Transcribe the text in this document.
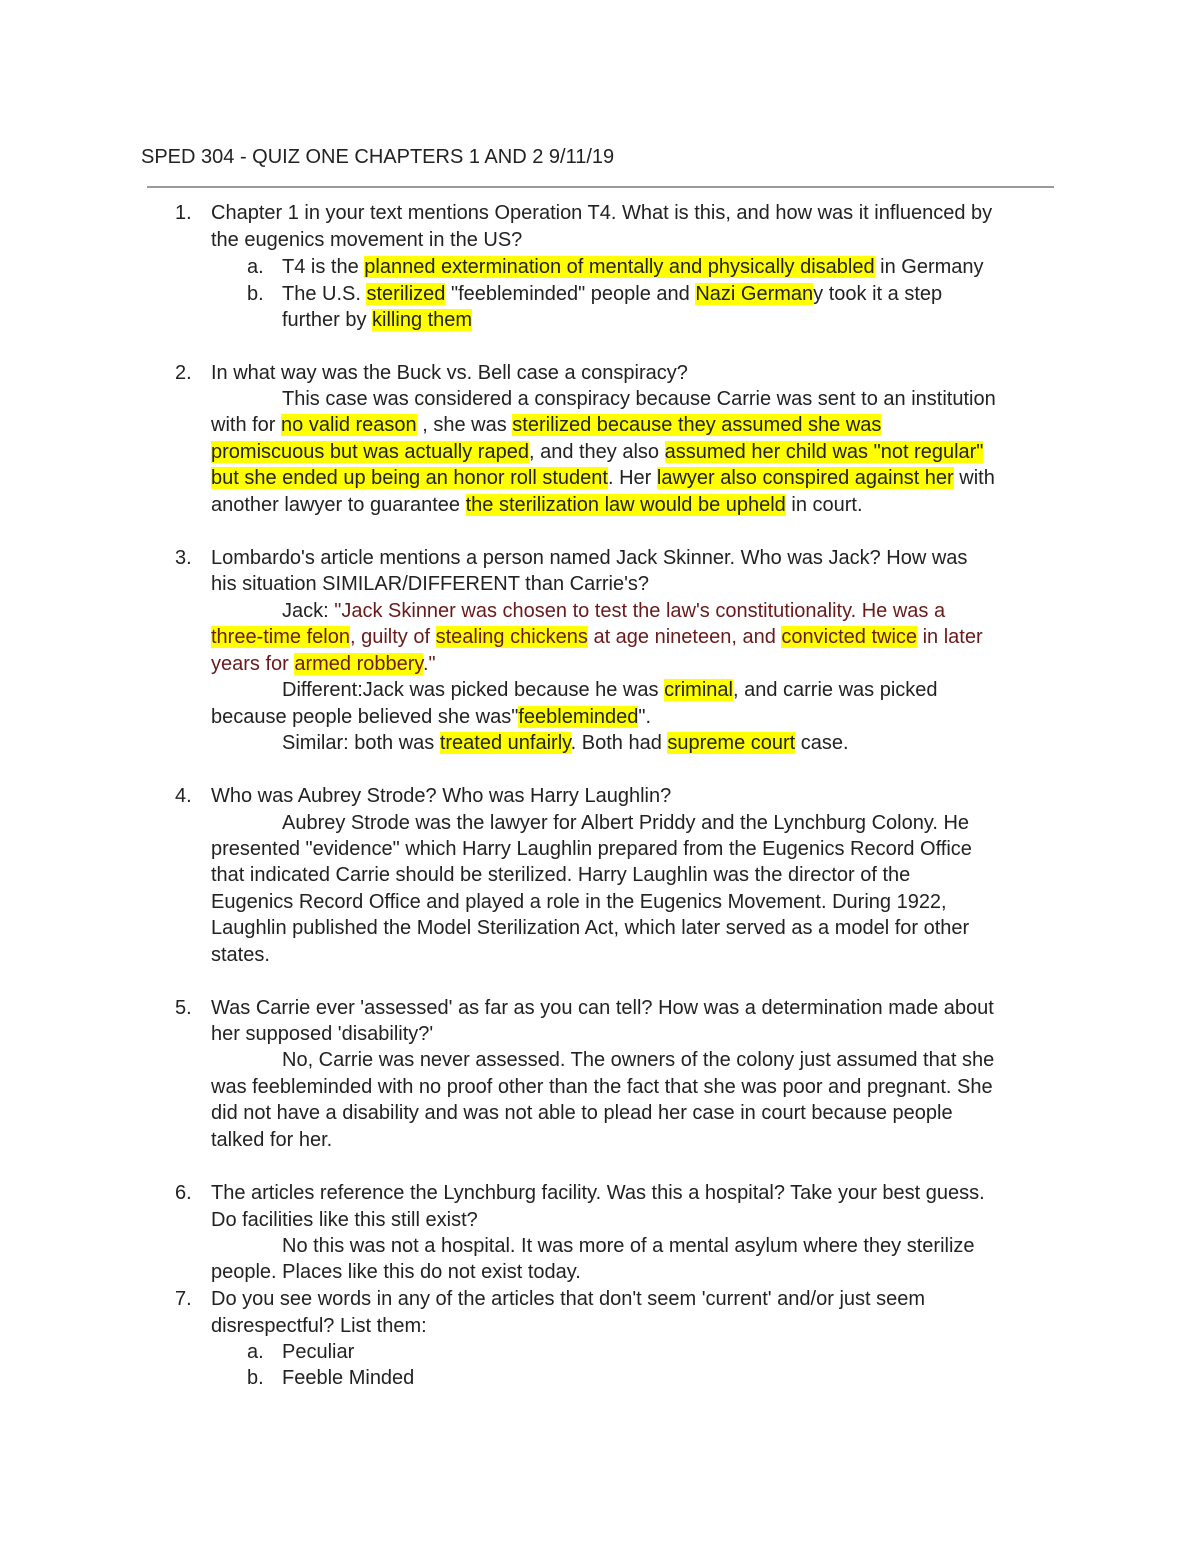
SPED 304 - QUIZ ONE CHAPTERS 1 AND 2 9/11/19
1. Chapter 1 in your text mentions Operation T4. What is this, and how was it influenced by
the eugenics movement in the US?
a. T4 is the planned extermination of mentally and physically disabled in Germany
b. The U.S. sterilized "feebleminded" people and Nazi Germany took it a step
further by killing them
2. In what way was the Buck vs. Bell case a conspiracy?
This case was considered a conspiracy because Carrie was sent to an institution
with for no valid reason , she was sterilized because they assumed she was
promiscuous but was actually raped, and they also assumed her child was "not regular"
but she ended up being an honor roll student. Her lawyer also conspired against her with
another lawyer to guarantee the sterilization law would be upheld in court.
3. Lombardo's article mentions a person named Jack Skinner. Who was Jack? How was
his situation SIMILAR/DIFFERENT than Carrie's?
Jack: "Jack Skinner was chosen to test the law's constitutionality. He was a
three-time felon, guilty of stealing chickens at age nineteen, and convicted twice in later
years for armed robbery."
Different:Jack was picked because he was criminal, and carrie was picked
because people believed she was"feebleminded".
Similar: both was treated unfairly. Both had supreme court case.
4. Who was Aubrey Strode? Who was Harry Laughlin?
Aubrey Strode was the lawyer for Albert Priddy and the Lynchburg Colony. He
presented "evidence" which Harry Laughlin prepared from the Eugenics Record Office
that indicated Carrie should be sterilized. Harry Laughlin was the director of the
Eugenics Record Office and played a role in the Eugenics Movement. During 1922,
Laughlin published the Model Sterilization Act, which later served as a model for other
states.
5. Was Carrie ever 'assessed' as far as you can tell? How was a determination made about
her supposed 'disability?'
No, Carrie was never assessed. The owners of the colony just assumed that she
was feebleminded with no proof other than the fact that she was poor and pregnant. She
did not have a disability and was not able to plead her case in court because people
talked for her.
6. The articles reference the Lynchburg facility. Was this a hospital? Take your best guess.
Do facilities like this still exist?
No this was not a hospital. It was more of a mental asylum where they sterilize
people. Places like this do not exist today.
7. Do you see words in any of the articles that don't seem 'current' and/or just seem
disrespectful? List them:
a. Peculiar
b. Feeble Minded
